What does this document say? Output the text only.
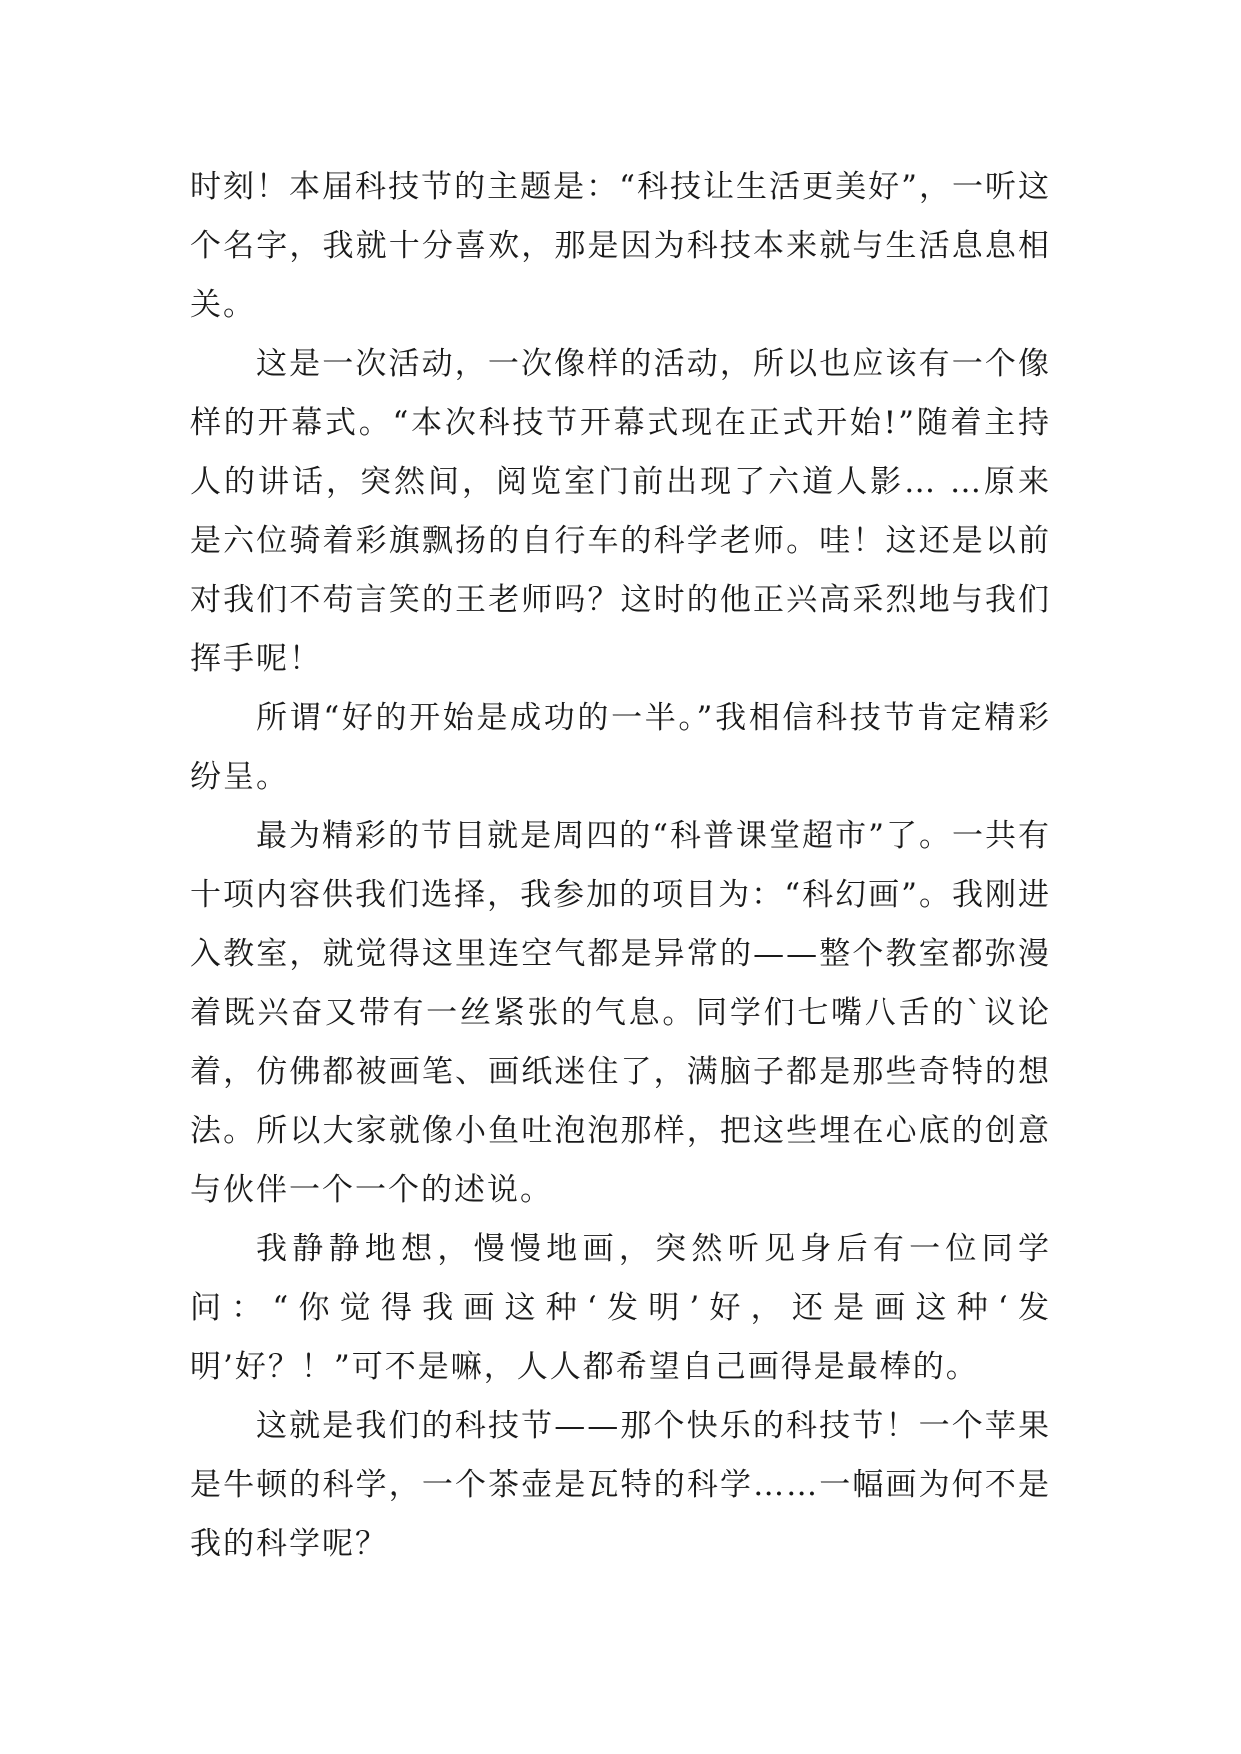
时刻！本届科技节的主题是：“科技让生活更美好”，一听这个名字，我就十分喜欢，那是因为科技本来就与生活息息相关。

这是一次活动，一次像样的活动，所以也应该有一个像样的开幕式。“本次科技节开幕式现在正式开始!”随着主持人的讲话，突然间，阅览室门前出现了六道人影… …原来是六位骑着彩旗飘扬的自行车的科学老师。哇！这还是以前对我们不苟言笑的王老师吗？这时的他正兴高采烈地与我们挥手呢！

所谓“好的开始是成功的一半。”我相信科技节肯定精彩纷呈。

最为精彩的节目就是周四的“科普课堂超市”了。一共有十项内容供我们选择，我参加的项目为：“科幻画”。我刚进入教室，就觉得这里连空气都是异常的——整个教室都弥漫着既兴奋又带有一丝紧张的气息。同学们七嘴八舌的`议论着，仿佛都被画笔、画纸迷住了，满脑子都是那些奇特的想法。所以大家就像小鱼吐泡泡那样，把这些埋在心底的创意与伙伴一个一个的述说。

我静静地想，慢慢地画，突然听见身后有一位同学问：“你觉得我画这种‘发明’好，还是画这种‘发明’好？！”可不是嘛，人人都希望自己画得是最棒的。

这就是我们的科技节——那个快乐的科技节！一个苹果是牛顿的科学，一个茶壶是瓦特的科学……一幅画为何不是我的科学呢？
